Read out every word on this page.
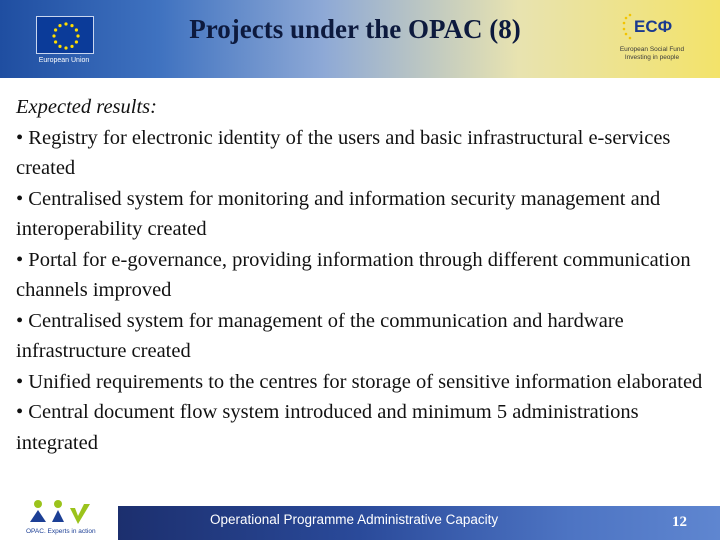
European Union
Projects under the OPAC (8)	ЕСФ
European Social Fund
Investing in people
Expected results:
• Registry for electronic identity of the users and basic infrastructural e-services created
• Centralised system for monitoring and information security management and interoperability created
• Portal for e-governance, providing information through different communication channels improved
• Centralised system for management of the communication and hardware infrastructure created
• Unified requirements to the centres for storage of sensitive information elaborated
• Central document flow system introduced and minimum 5 administrations integrated
OPAC. Experts in action
Operational Programme Administrative Capacity	12
